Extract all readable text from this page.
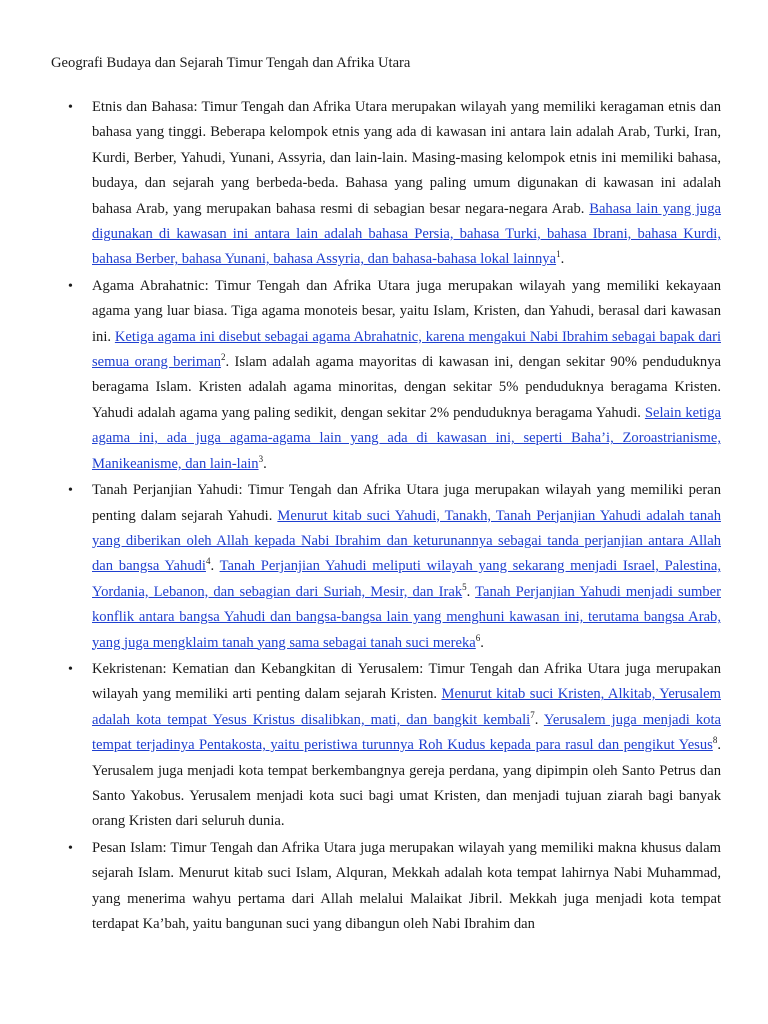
Geografi Budaya dan Sejarah Timur Tengah dan Afrika Utara
• Etnis dan Bahasa: Timur Tengah dan Afrika Utara merupakan wilayah yang memiliki keragaman etnis dan bahasa yang tinggi. Beberapa kelompok etnis yang ada di kawasan ini antara lain adalah Arab, Turki, Iran, Kurdi, Berber, Yahudi, Yunani, Assyria, dan lain-lain. Masing-masing kelompok etnis ini memiliki bahasa, budaya, dan sejarah yang berbeda-beda. Bahasa yang paling umum digunakan di kawasan ini adalah bahasa Arab, yang merupakan bahasa resmi di sebagian besar negara-negara Arab. Bahasa lain yang juga digunakan di kawasan ini antara lain adalah bahasa Persia, bahasa Turki, bahasa Ibrani, bahasa Kurdi, bahasa Berber, bahasa Yunani, bahasa Assyria, dan bahasa-bahasa lokal lainnya$^1$.
• Agama Abrahatnic: Timur Tengah dan Afrika Utara juga merupakan wilayah yang memiliki kekayaan agama yang luar biasa. Tiga agama monoteis besar, yaitu Islam, Kristen, dan Yahudi, berasal dari kawasan ini. Ketiga agama ini disebut sebagai agama Abrahatnic, karena mengakui Nabi Ibrahim sebagai bapak dari semua orang beriman$^2$. Islam adalah agama mayoritas di kawasan ini, dengan sekitar 90% penduduknya beragama Islam. Kristen adalah agama minoritas, dengan sekitar 5% penduduknya beragama Kristen. Yahudi adalah agama yang paling sedikit, dengan sekitar 2% penduduknya beragama Yahudi. Selain ketiga agama ini, ada juga agama-agama lain yang ada di kawasan ini, seperti Baha’i, Zoroastrianisme, Manikeanisme, dan lain-lain$^3$.
• Tanah Perjanjian Yahudi: Timur Tengah dan Afrika Utara juga merupakan wilayah yang memiliki peran penting dalam sejarah Yahudi. Menurut kitab suci Yahudi, Tanakh, Tanah Perjanjian Yahudi adalah tanah yang diberikan oleh Allah kepada Nabi Ibrahim dan keturunannya sebagai tanda perjanjian antara Allah dan bangsa Yahudi$^4$. Tanah Perjanjian Yahudi meliputi wilayah yang sekarang menjadi Israel, Palestina, Yordania, Lebanon, dan sebagian dari Suriah, Mesir, dan Irak$^5$. Tanah Perjanjian Yahudi menjadi sumber konflik antara bangsa Yahudi dan bangsa-bangsa lain yang menghuni kawasan ini, terutama bangsa Arab, yang juga mengklaim tanah yang sama sebagai tanah suci mereka$^6$.
• Kekristenan: Kematian dan Kebangkitan di Yerusalem: Timur Tengah dan Afrika Utara juga merupakan wilayah yang memiliki arti penting dalam sejarah Kristen. Menurut kitab suci Kristen, Alkitab, Yerusalem adalah kota tempat Yesus Kristus disalibkan, mati, dan bangkit kembali$^7$. Yerusalem juga menjadi kota tempat terjadinya Pentakosta, yaitu peristiwa turunnya Roh Kudus kepada para rasul dan pengikut Yesus$^8$. Yerusalem juga menjadi kota tempat berkembangnya gereja perdana, yang dipimpin oleh Santo Petrus dan Santo Yakobus. Yerusalem menjadi kota suci bagi umat Kristen, dan menjadi tujuan ziarah bagi banyak orang Kristen dari seluruh dunia.
• Pesan Islam: Timur Tengah dan Afrika Utara juga merupakan wilayah yang memiliki makna khusus dalam sejarah Islam. Menurut kitab suci Islam, Alquran, Mekkah adalah kota tempat lahirnya Nabi Muhammad, yang menerima wahyu pertama dari Allah melalui Malaikat Jibril. Mekkah juga menjadi kota tempat terdapat Ka’bah, yaitu bangunan suci yang dibangun oleh Nabi Ibrahim dan
